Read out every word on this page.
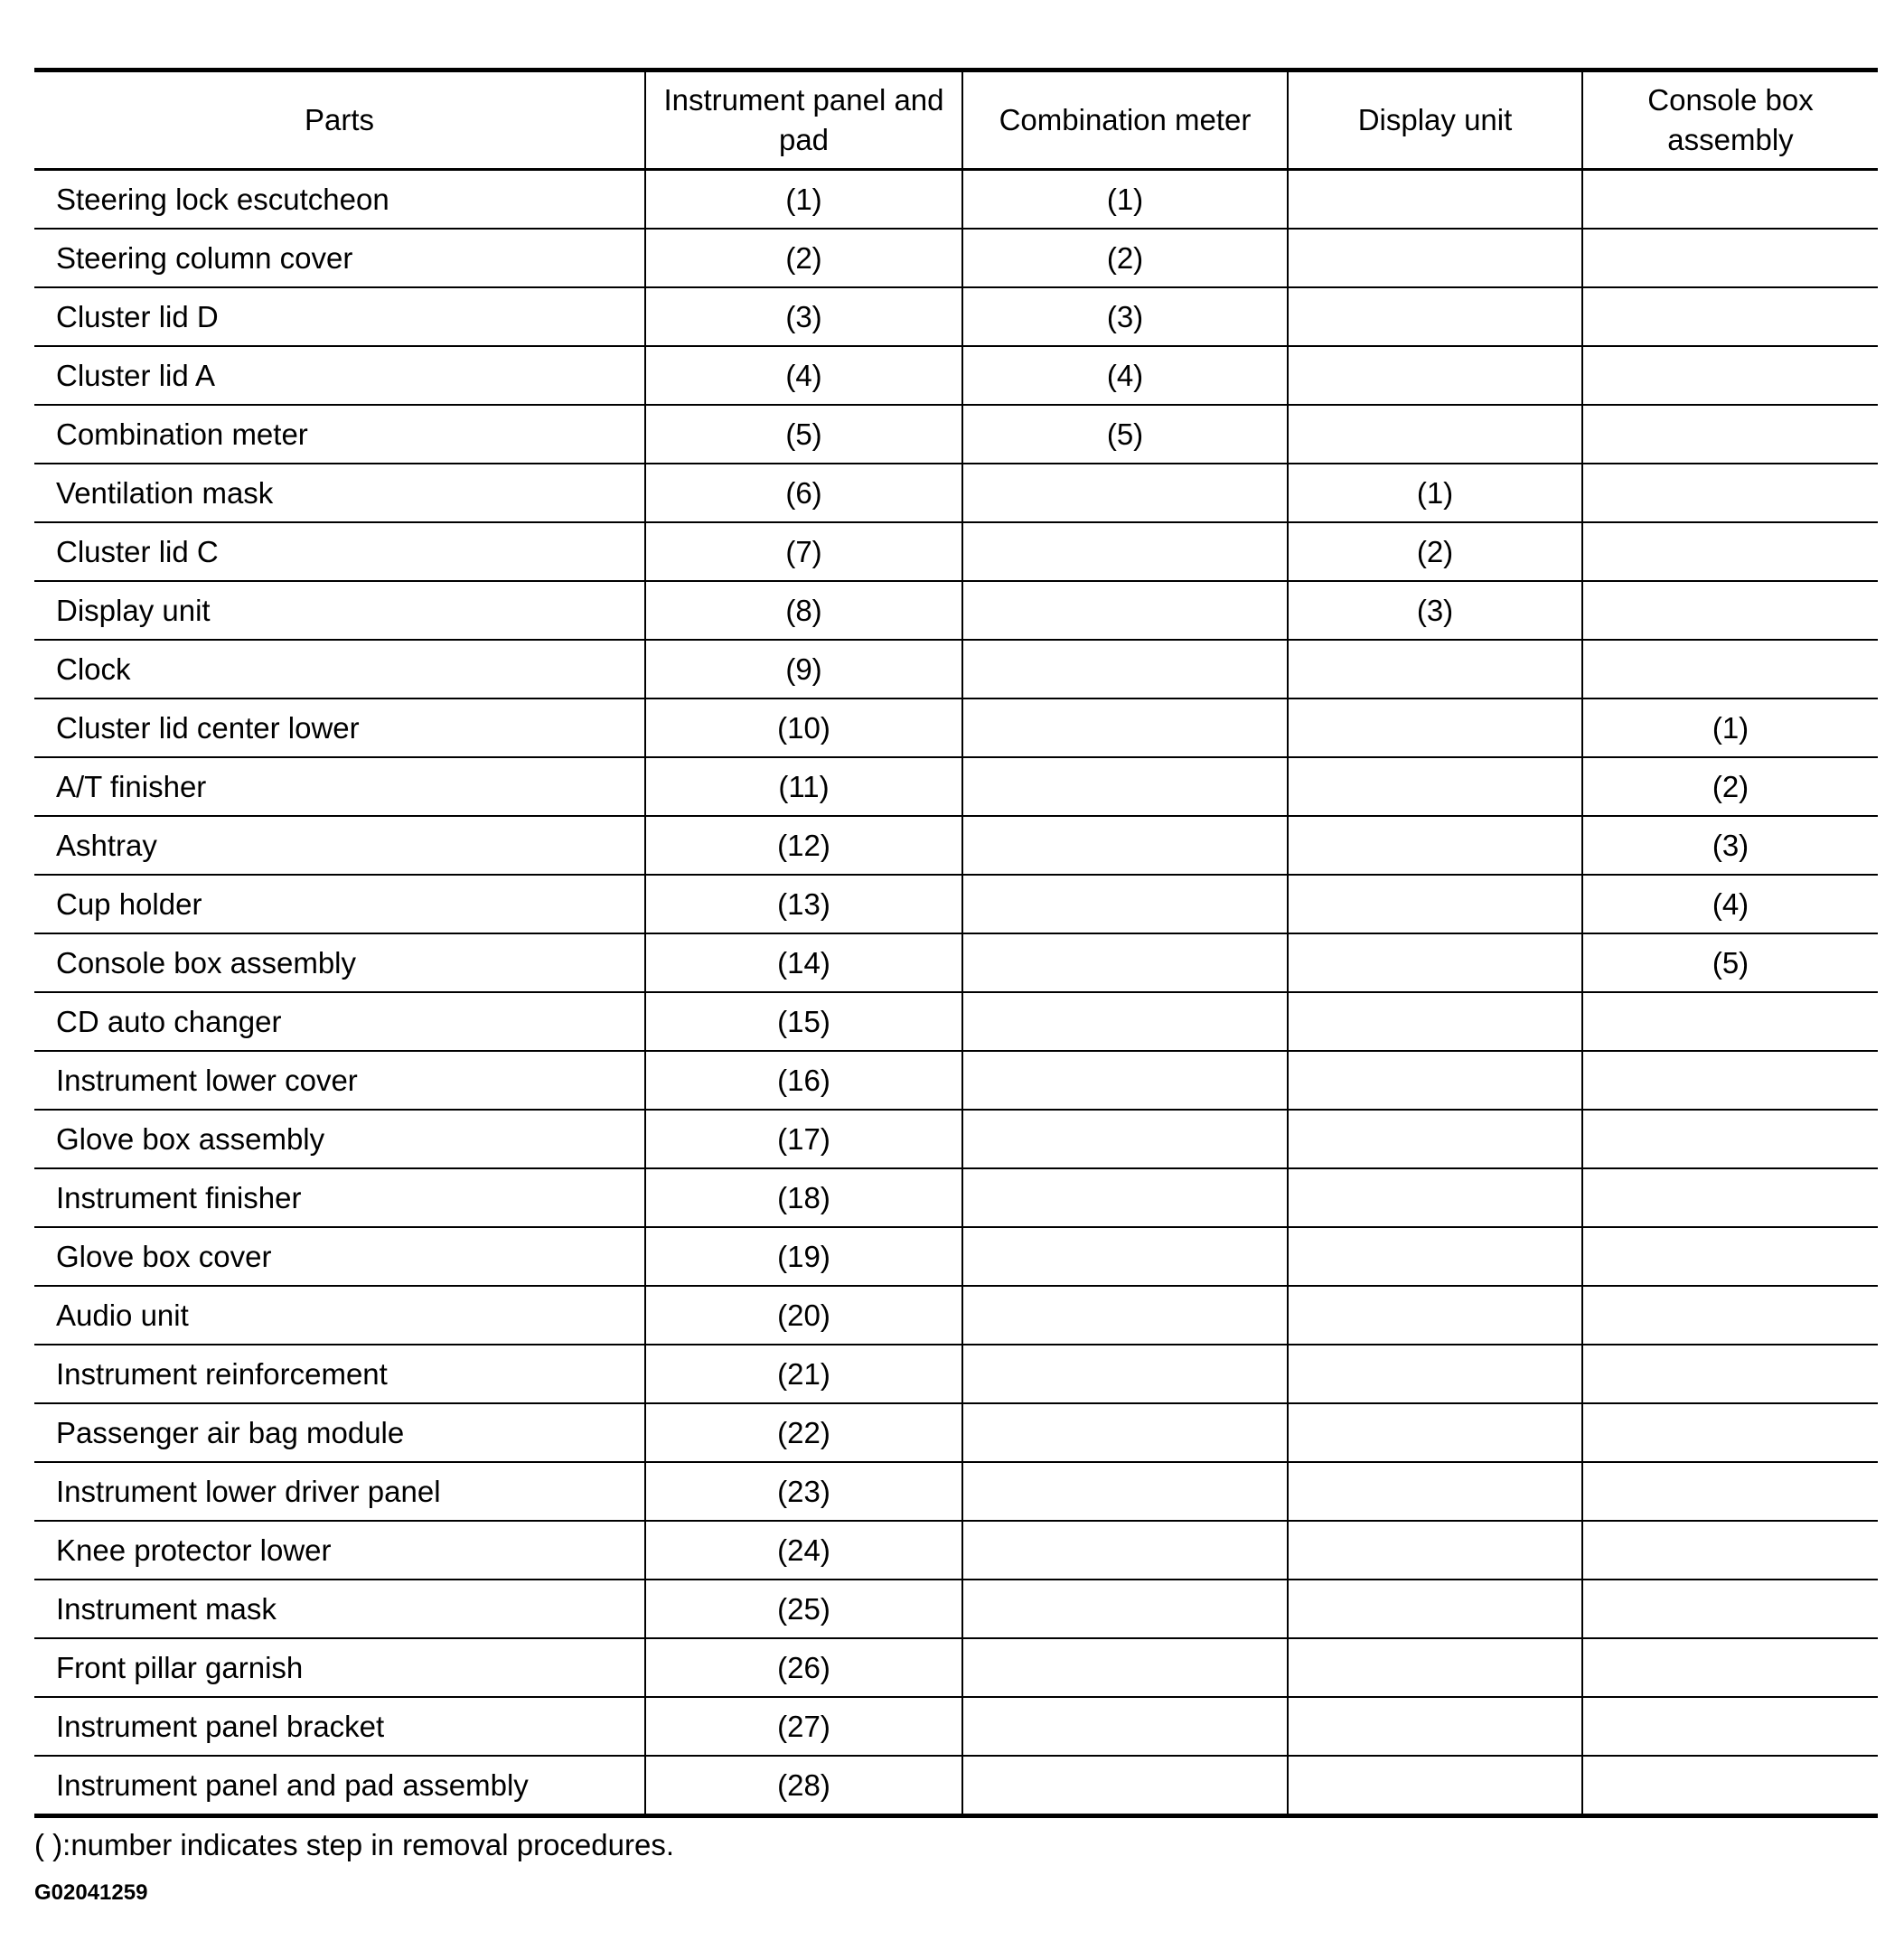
Parts	Instrument panel and pad	Combination meter	Display unit	Console box assembly
Steering lock escutcheon	(1)	(1)		
Steering column cover	(2)	(2)		
Cluster lid D	(3)	(3)		
Cluster lid A	(4)	(4)		
Combination meter	(5)	(5)		
Ventilation mask	(6)		(1)	
Cluster lid C	(7)		(2)	
Display unit	(8)		(3)	
Clock	(9)			
Cluster lid center lower	(10)			(1)
A/T finisher	(11)			(2)
Ashtray	(12)			(3)
Cup holder	(13)			(4)
Console box assembly	(14)			(5)
CD auto changer	(15)			
Instrument lower cover	(16)			
Glove box assembly	(17)			
Instrument finisher	(18)			
Glove box cover	(19)			
Audio unit	(20)			
Instrument reinforcement	(21)			
Passenger air bag module	(22)			
Instrument lower driver panel	(23)			
Knee protector lower	(24)			
Instrument mask	(25)			
Front pillar garnish	(26)			
Instrument panel bracket	(27)			
Instrument panel and pad assembly	(28)			
( ):number indicates step in removal procedures.
G02041259
